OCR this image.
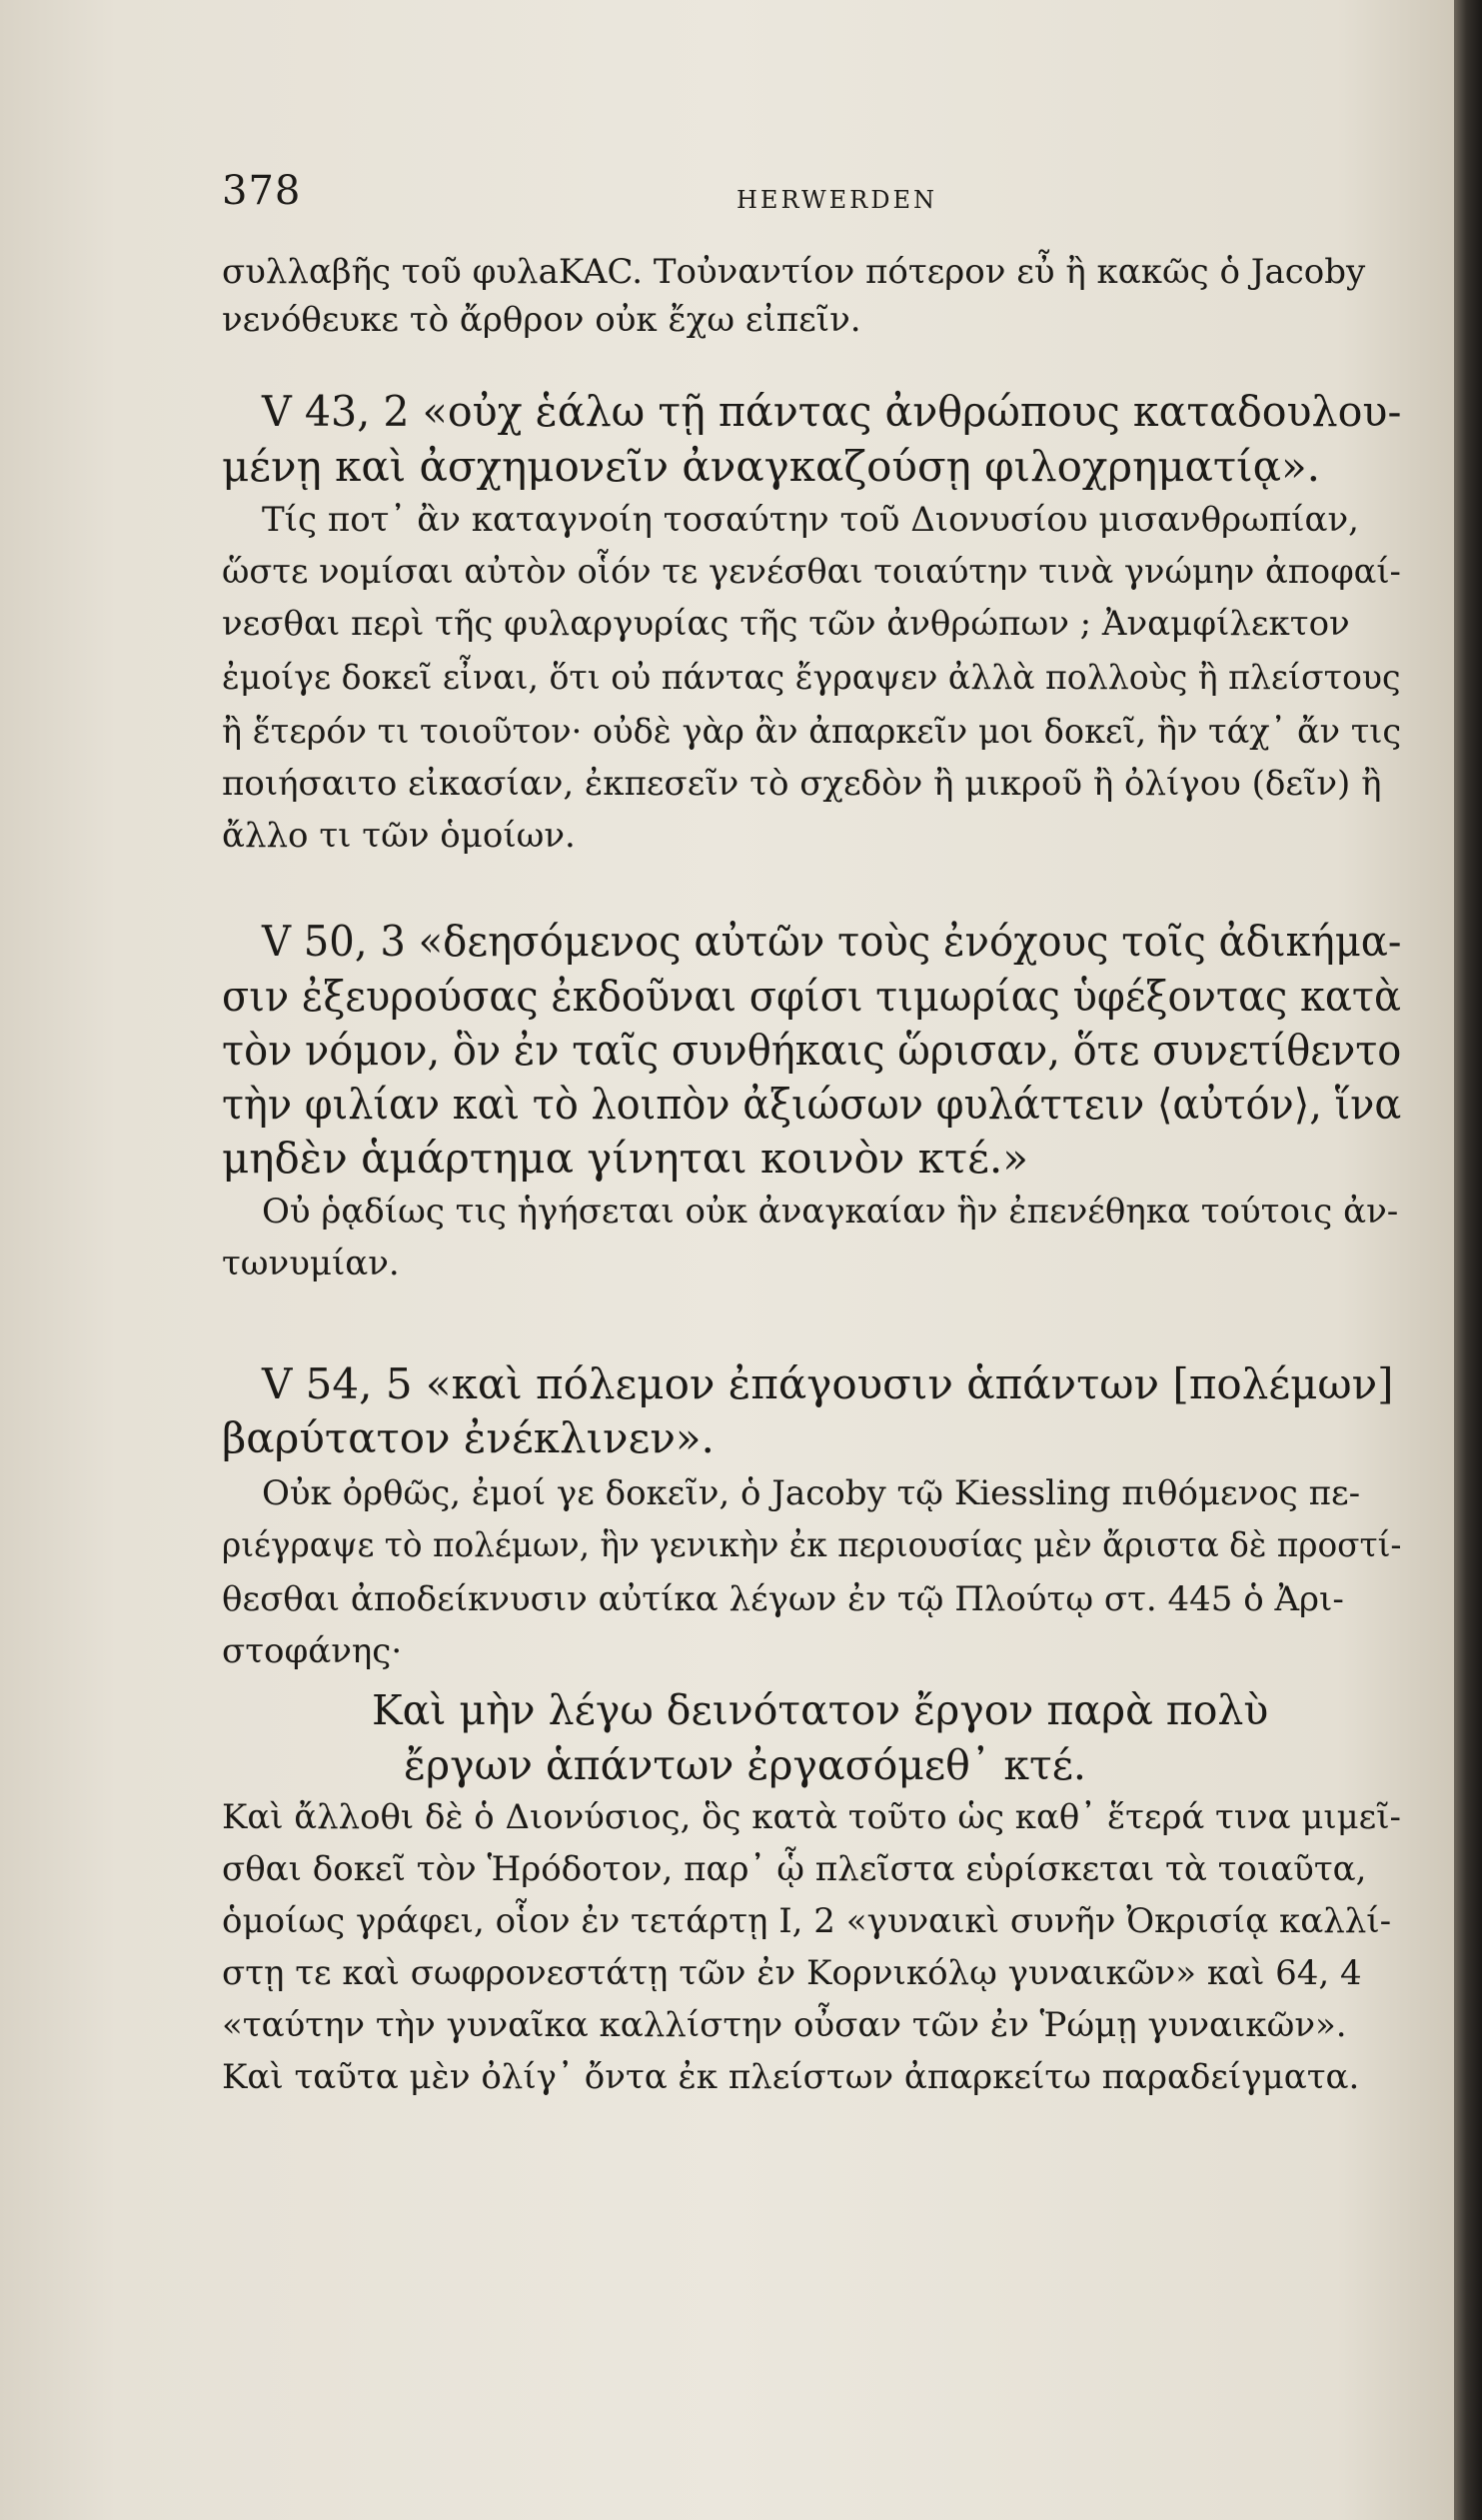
378	HERWERDEN
συλλαβῆς τοῦ φυλaKAC. Τοὐναντίον πότερον εὖ ἢ κακῶς ὁ Jacoby
νενόθευκε τὸ ἄρθρον οὐκ ἔχω εἰπεῖν.
V 43, 2 «οὐχ ἑάλω τῇ πάντας ἀνθρώπους καταδουλου-
μένῃ καὶ ἀσχημονεῖν ἀναγκαζούσῃ φιλοχρηματίᾳ».
Τίς ποτ᾽ ἂν καταγνοίη τοσαύτην τοῦ Διονυσίου μισανθρωπίαν,
ὥστε νομίσαι αὐτὸν οἷόν τε γενέσθαι τοιαύτην τινὰ γνώμην ἀποφαί-
νεσθαι περὶ τῆς φυλαργυρίας τῆς τῶν ἀνθρώπων ; Ἀναμφίλεκτον
ἐμοίγε δοκεῖ εἶναι, ὅτι οὐ πάντας ἔγραψεν ἀλλὰ πολλοὺς ἢ πλείστους
ἢ ἕτερόν τι τοιοῦτον· οὐδὲ γὰρ ἂν ἀπαρκεῖν μοι δοκεῖ, ἣν τάχ᾽ ἄν τις
ποιήσαιτο εἰκασίαν, ἐκπεσεῖν τὸ σχεδὸν ἢ μικροῦ ἢ ὀλίγου (δεῖν) ἢ
ἄλλο τι τῶν ὁμοίων.
V 50, 3 «δεησόμενος αὐτῶν τοὺς ἐνόχους τοῖς ἀδικήμα-
σιν ἐξευρούσας ἐκδοῦναι σφίσι τιμωρίας ὑφέξοντας κατὰ
τὸν νόμον, ὃν ἐν ταῖς συνθήκαις ὥρισαν, ὅτε συνετίθεντο
τὴν φιλίαν καὶ τὸ λοιπὸν ἀξιώσων φυλάττειν ⟨αὐτόν⟩, ἵνα
μηδὲν ἁμάρτημα γίνηται κοινὸν κτέ.»
Οὐ ῥᾳδίως τις ἡγήσεται οὐκ ἀναγκαίαν ἣν ἐπενέθηκα τούτοις ἀν-
τωνυμίαν.
V 54, 5 «καὶ πόλεμον ἐπάγουσιν ἁπάντων [πολέμων]
βαρύτατον ἐνέκλινεν».
Οὐκ ὀρθῶς, ἐμοί γε δοκεῖν, ὁ Jacoby τῷ Kiessling πιθόμενος πε-
ριέγραψε τὸ πολέμων, ἣν γενικὴν ἐκ περιουσίας μὲν ἄριστα δὲ προστί-
θεσθαι ἀποδείκνυσιν αὐτίκα λέγων ἐν τῷ Πλούτῳ στ. 445 ὁ Ἀρι-
στοφάνης·
Καὶ μὴν λέγω δεινότατον ἔργον παρὰ πολὺ
ἔργων ἁπάντων ἐργασόμεθ᾽ κτέ.
Καὶ ἄλλοθι δὲ ὁ Διονύσιος, ὃς κατὰ τοῦτο ὡς καθ᾽ ἕτερά τινα μιμεῖ-
σθαι δοκεῖ τὸν Ἡρόδοτον, παρ᾽ ᾧ πλεῖστα εὑρίσκεται τὰ τοιαῦτα,
ὁμοίως γράφει, οἷον ἐν τετάρτῃ I, 2 «γυναικὶ συνῆν Ὀκρισίᾳ καλλί-
στῃ τε καὶ σωφρονεστάτῃ τῶν ἐν Κορνικόλῳ γυναικῶν» καὶ 64, 4
«ταύτην τὴν γυναῖκα καλλίστην οὖσαν τῶν ἐν Ῥώμῃ γυναικῶν».
Καὶ ταῦτα μὲν ὀλίγ᾽ ὄντα ἐκ πλείστων ἀπαρκείτω παραδείγματα.
